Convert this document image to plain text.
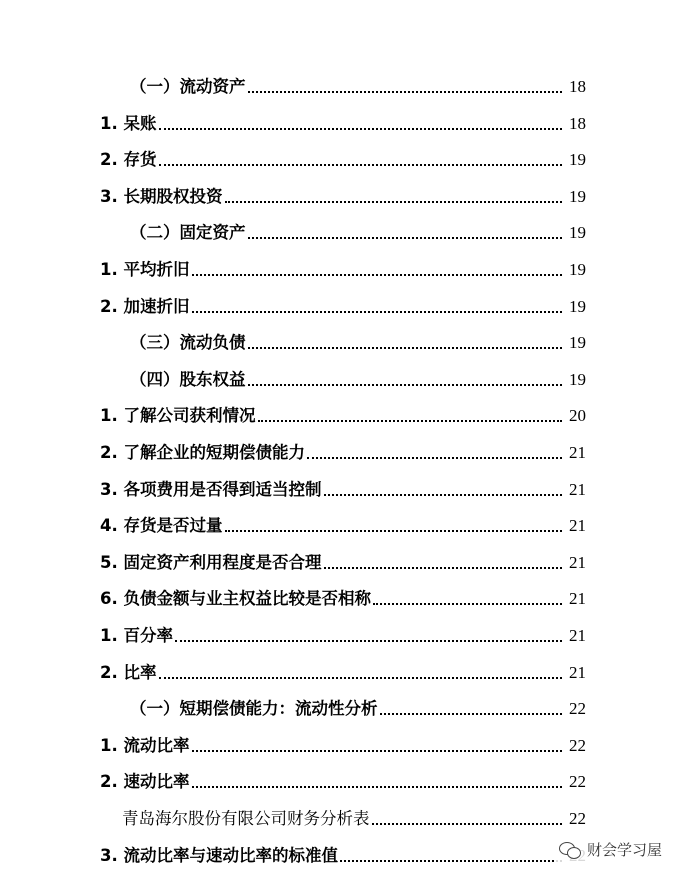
（一）流动资产	18
1. 呆账	18
2. 存货	19
3. 长期股权投资	19
（二）固定资产	19
1. 平均折旧	19
2. 加速折旧	19
（三）流动负债	19
（四）股东权益	19
1. 了解公司获利情况	20
2. 了解企业的短期偿债能力	21
3. 各项费用是否得到适当控制	21
4. 存货是否过量	21
5. 固定资产利用程度是否合理	21
6. 负债金额与业主权益比较是否相称	21
1. 百分率	21
2. 比率	21
（一）短期偿债能力：流动性分析	22
1. 流动比率	22
2. 速动比率	22
青岛海尔股份有限公司财务分析表	22
3. 流动比率与速动比率的标准值	财会学习屋
